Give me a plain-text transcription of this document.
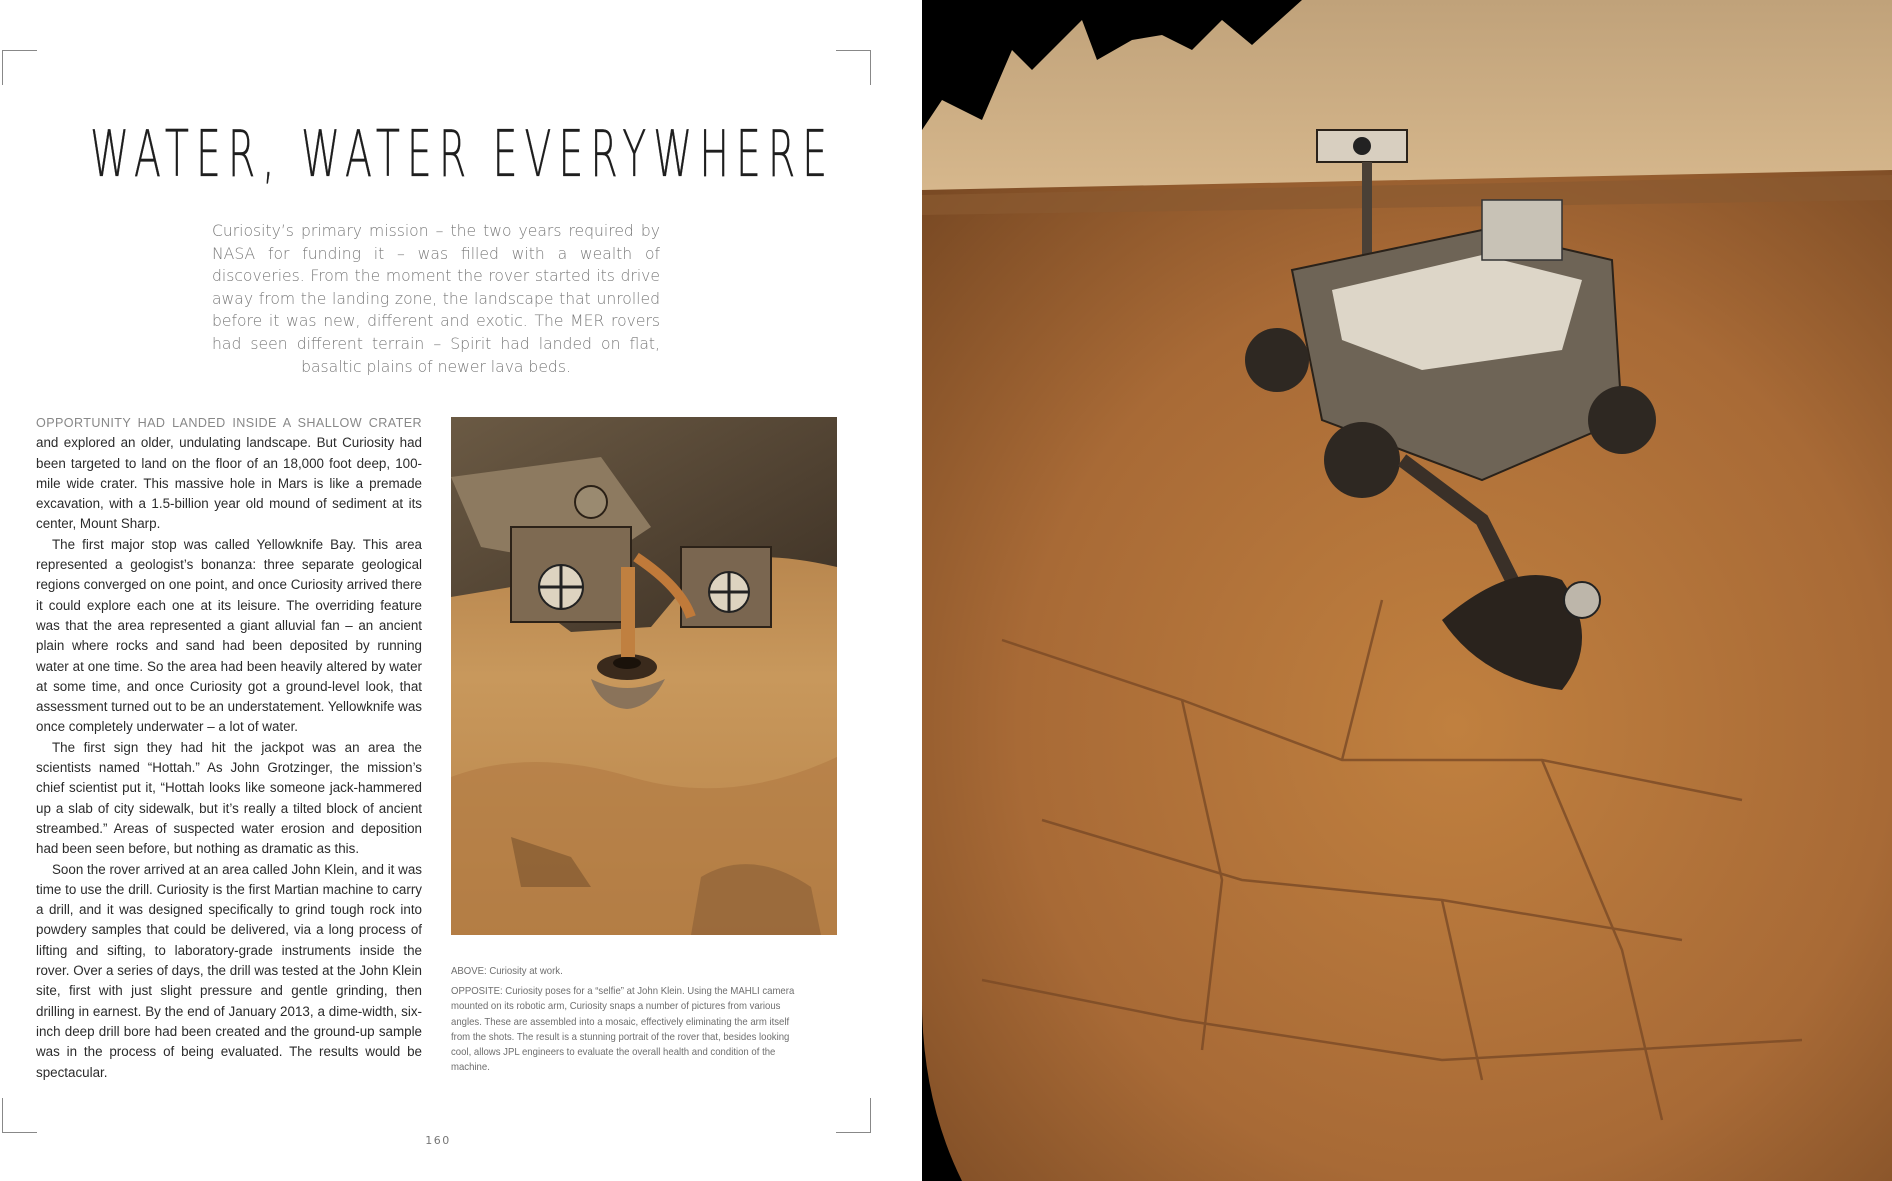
WATER, WATER EVERYWHERE
Curiosity’s primary mission – the two years required by NASA for funding it – was filled with a wealth of discoveries. From the moment the rover started its drive away from the landing zone, the landscape that unrolled before it was new, different and exotic. The MER rovers had seen different terrain – Spirit had landed on flat, basaltic plains of newer lava beds.

OPPORTUNITY HAD LANDED INSIDE A SHALLOW CRATER and explored an older, undulating landscape. But Curiosity had been targeted to land on the floor of an 18,000 foot deep, 100-mile wide crater. This massive hole in Mars is like a premade excavation, with a 1.5-billion year old mound of sediment at its center, Mount Sharp.

The first major stop was called Yellowknife Bay. This area represented a geologist’s bonanza: three separate geological regions converged on one point, and once Curiosity arrived there it could explore each one at its leisure. The overriding feature was that the area represented a giant alluvial fan – an ancient plain where rocks and sand had been deposited by running water at one time. So the area had been heavily altered by water at some time, and once Curiosity got a ground-level look, that assessment turned out to be an understatement. Yellowknife was once completely underwater – a lot of water.

The first sign they had hit the jackpot was an area the scientists named “Hottah.” As John Grotzinger, the mission’s chief scientist put it, “Hottah looks like someone jack-hammered up a slab of city sidewalk, but it’s really a tilted block of ancient streambed.” Areas of suspected water erosion and deposition had been seen before, but nothing as dramatic as this.

Soon the rover arrived at an area called John Klein, and it was time to use the drill. Curiosity is the first Martian machine to carry a drill, and it was designed specifically to grind tough rock into powdery samples that could be delivered, via a long process of lifting and sifting, to laboratory-grade instruments inside the rover. Over a series of days, the drill was tested at the John Klein site, first with just slight pressure and gentle grinding, then drilling in earnest. By the end of January 2013, a dime-width, six-inch deep drill bore had been created and the ground-up sample was in the process of being evaluated. The results would be spectacular.

ABOVE: Curiosity at work.

OPPOSITE: Curiosity poses for a “selfie” at John Klein. Using the MAHLI camera mounted on its robotic arm, Curiosity snaps a number of pictures from various angles. These are assembled into a mosaic, effectively eliminating the arm itself from the shots. The result is a stunning portrait of the rover that, besides looking cool, allows JPL engineers to evaluate the overall health and condition of the machine.

160
